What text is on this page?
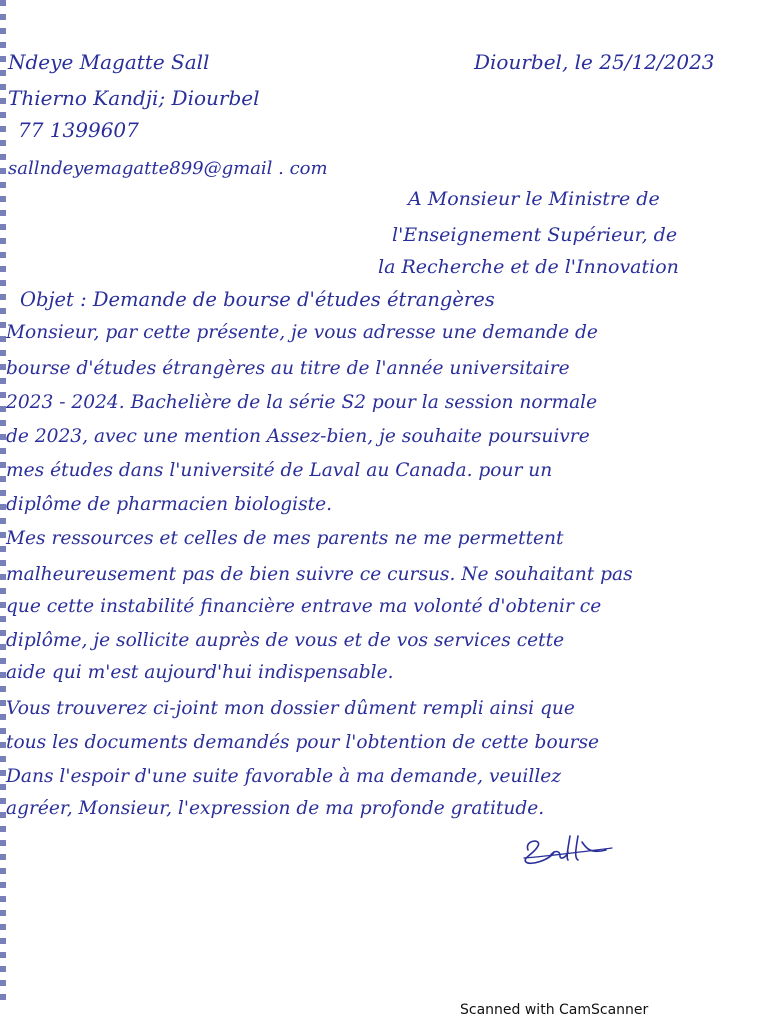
Ndeye Magatte Sall
Thierno Kandji; Diourbel
77 1399607
sallndeyemagatte899@gmail . com
Diourbel, le 25/12/2023
A Monsieur le Ministre de
l'Enseignement Supérieur, de
la Recherche et de l'Innovation
Objet : Demande de bourse d'études étrangères
Monsieur, par cette présente, je vous adresse une demande de
bourse d'études étrangères au titre de l'année universitaire
2023 - 2024. Bachelière de la série S2 pour la session normale
de 2023, avec une mention Assez-bien, je souhaite poursuivre
mes études dans l'université de Laval au Canada. pour un
diplôme de pharmacien biologiste.
Mes ressources et celles de mes parents ne me permettent
malheureusement pas de bien suivre ce cursus. Ne souhaitant pas
que cette instabilité financière entrave ma volonté d'obtenir ce
diplôme, je sollicite auprès de vous et de vos services cette
aide qui m'est aujourd'hui indispensable.
Vous trouverez ci-joint mon dossier dûment rempli ainsi que
tous les documents demandés pour l'obtention de cette bourse
Dans l'espoir d'une suite favorable à ma demande, veuillez
agréer, Monsieur, l'expression de ma profonde gratitude.
Scanned with CamScanner
